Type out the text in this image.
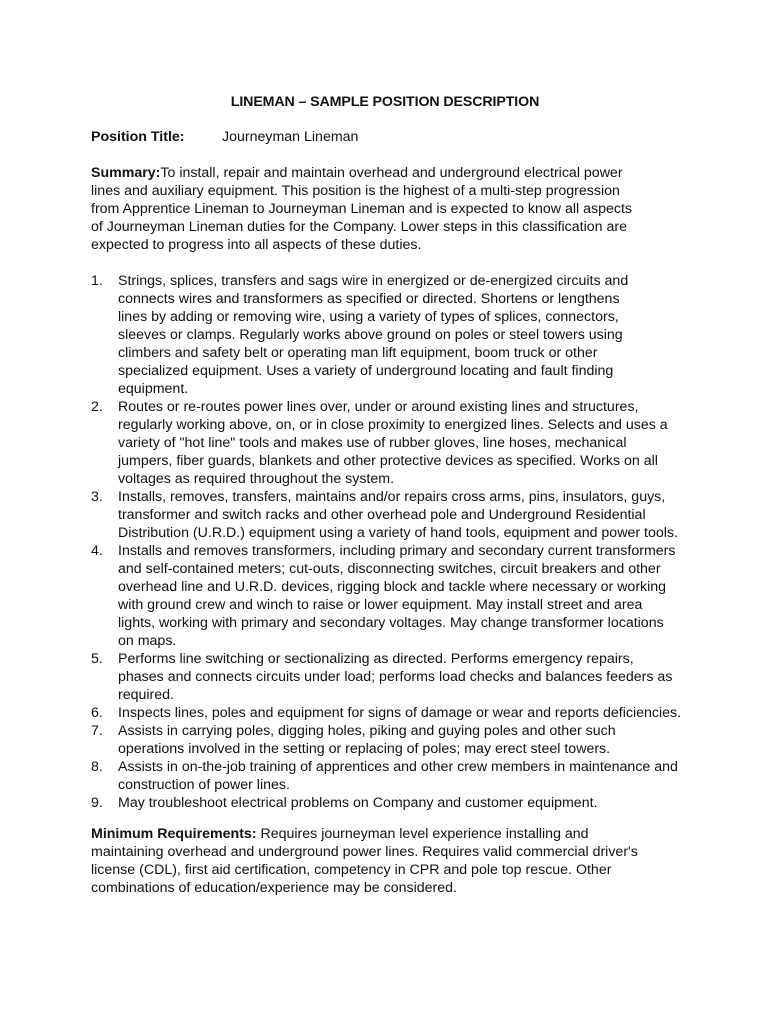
LINEMAN – SAMPLE POSITION DESCRIPTION
Position Title:	Journeyman Lineman
Summary:To install, repair and maintain overhead and underground electrical power
lines and auxiliary equipment. This position is the highest of a multi-step progression
from Apprentice Lineman to Journeyman Lineman and is expected to know all aspects
of Journeyman Lineman duties for the Company. Lower steps in this classification are
expected to progress into all aspects of these duties.
1. Strings, splices, transfers and sags wire in energized or de-energized circuits and
connects wires and transformers as specified or directed. Shortens or lengthens
lines by adding or removing wire, using a variety of types of splices, connectors,
sleeves or clamps. Regularly works above ground on poles or steel towers using
climbers and safety belt or operating man lift equipment, boom truck or other
specialized equipment. Uses a variety of underground locating and fault finding
equipment.
2. Routes or re-routes power lines over, under or around existing lines and structures,
regularly working above, on, or in close proximity to energized lines. Selects and uses a
variety of "hot line" tools and makes use of rubber gloves, line hoses, mechanical
jumpers, fiber guards, blankets and other protective devices as specified. Works on all
voltages as required throughout the system.
3. Installs, removes, transfers, maintains and/or repairs cross arms, pins, insulators, guys,
transformer and switch racks and other overhead pole and Underground Residential
Distribution (U.R.D.) equipment using a variety of hand tools, equipment and power tools.
4. Installs and removes transformers, including primary and secondary current transformers
and self-contained meters; cut-outs, disconnecting switches, circuit breakers and other
overhead line and U.R.D. devices, rigging block and tackle where necessary or working
with ground crew and winch to raise or lower equipment. May install street and area
lights, working with primary and secondary voltages. May change transformer locations
on maps.
5. Performs line switching or sectionalizing as directed. Performs emergency repairs,
phases and connects circuits under load; performs load checks and balances feeders as
required.
6. Inspects lines, poles and equipment for signs of damage or wear and reports deficiencies.
7. Assists in carrying poles, digging holes, piking and guying poles and other such
operations involved in the setting or replacing of poles; may erect steel towers.
8. Assists in on-the-job training of apprentices and other crew members in maintenance and
construction of power lines.
9. May troubleshoot electrical problems on Company and customer equipment.
Minimum Requirements: Requires journeyman level experience installing and
maintaining overhead and underground power lines. Requires valid commercial driver's
license (CDL), first aid certification, competency in CPR and pole top rescue. Other
combinations of education/experience may be considered.
